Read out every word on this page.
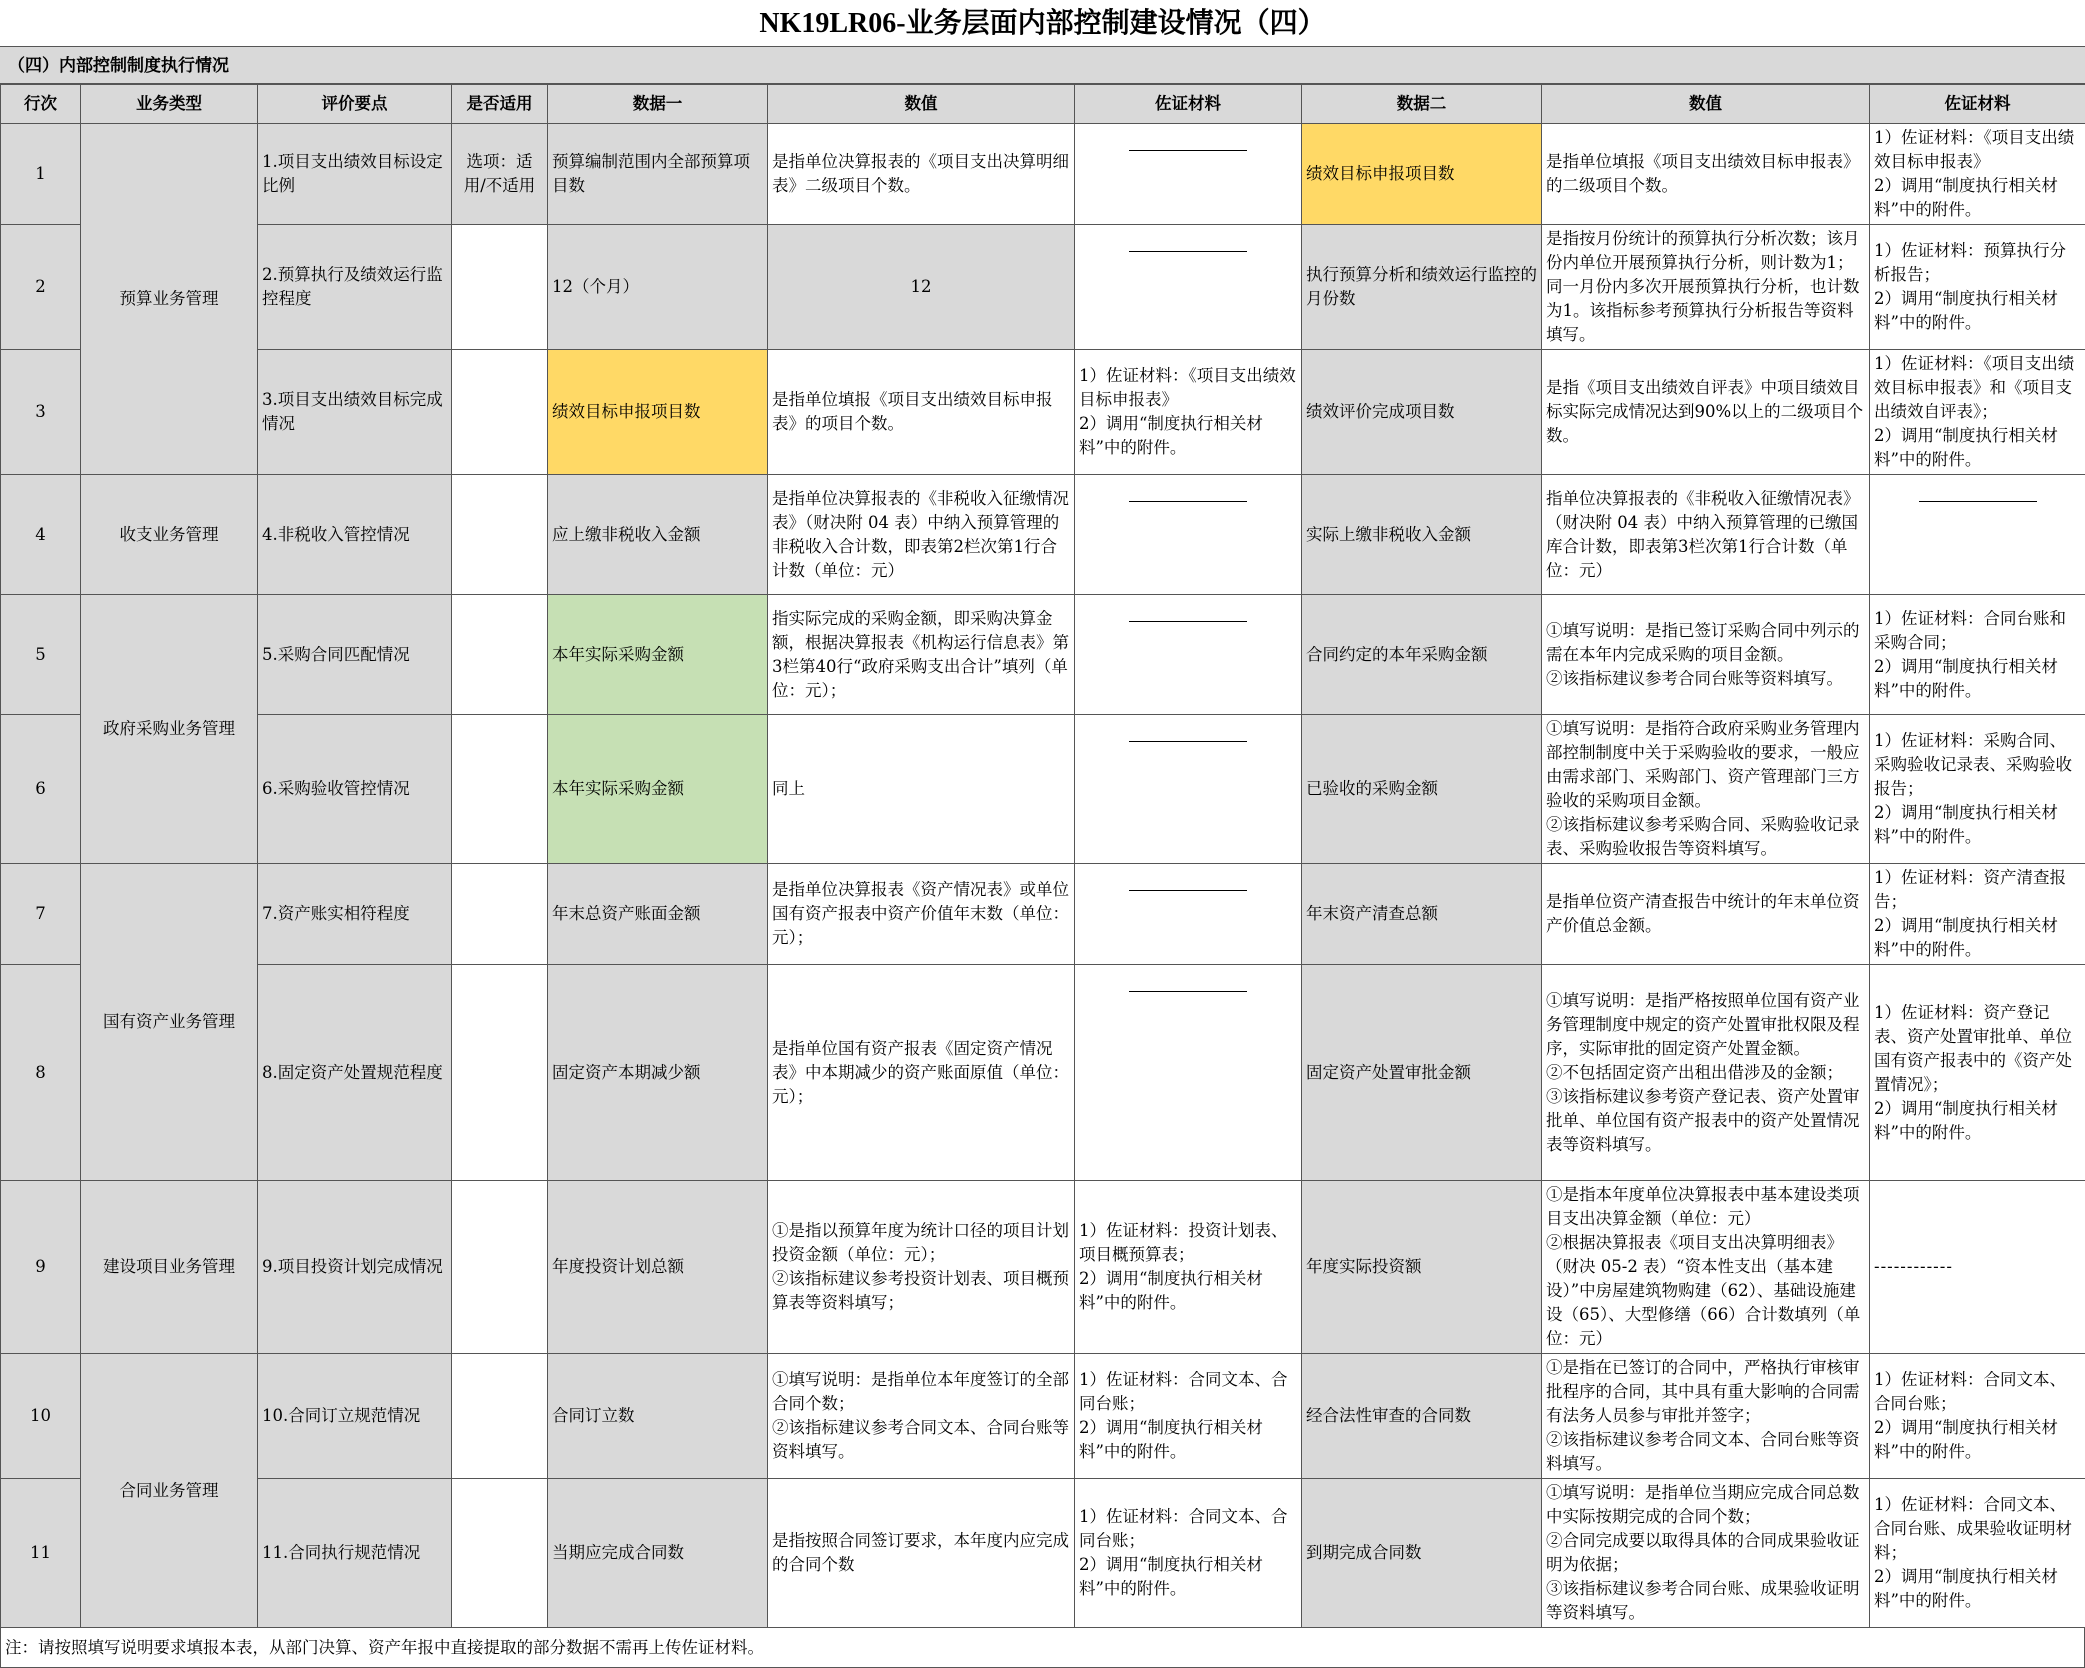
NK19LR06-业务层面内部控制建设情况（四）
（四）内部控制制度执行情况
行次	业务类型	评价要点	是否适用	数据一	数值	佐证材料	数据二	数值	佐证材料
1	预算业务管理	1.项目支出绩效目标设定比例	选项：适用/不适用	预算编制范围内全部预算项目数	是指单位决算报表的《项目支出决算明细表》二级项目个数。		绩效目标申报项目数	是指单位填报《项目支出绩效目标申报表》的二级项目个数。	1）佐证材料：《项目支出绩效目标申报表》
2）调用“制度执行相关材料”中的附件。
2		2.预算执行及绩效运行监控程度		12（个月）	12		执行预算分析和绩效运行监控的月份数	是指按月份统计的预算执行分析次数；该月份内单位开展预算执行分析，则计数为1；同一月份内多次开展预算执行分析，也计数为1。该指标参考预算执行分析报告等资料填写。	1）佐证材料：预算执行分析报告；
2）调用“制度执行相关材料”中的附件。
3		3.项目支出绩效目标完成情况		绩效目标申报项目数	是指单位填报《项目支出绩效目标申报表》的项目个数。	1）佐证材料：《项目支出绩效目标申报表》
2）调用“制度执行相关材料”中的附件。	绩效评价完成项目数	是指《项目支出绩效自评表》中项目绩效目标实际完成情况达到90%以上的二级项目个数。	1）佐证材料：《项目支出绩效目标申报表》和《项目支出绩效自评表》；
2）调用“制度执行相关材料”中的附件。
4	收支业务管理	4.非税收入管控情况		应上缴非税收入金额	是指单位决算报表的《非税收入征缴情况表》（财决附 04 表）中纳入预算管理的非税收入合计数，即表第2栏次第1行合计数（单位：元）		实际上缴非税收入金额	指单位决算报表的《非税收入征缴情况表》（财决附 04 表）中纳入预算管理的已缴国库合计数，即表第3栏次第1行合计数（单位：元）	
5	政府采购业务管理	5.采购合同匹配情况		本年实际采购金额	指实际完成的采购金额，即采购决算金额，根据决算报表《机构运行信息表》第3栏第40行“政府采购支出合计”填列（单位：元）；		合同约定的本年采购金额	①填写说明：是指已签订采购合同中列示的需在本年内完成采购的项目金额。
②该指标建议参考合同台账等资料填写。	1）佐证材料：合同台账和采购合同；
2）调用“制度执行相关材料”中的附件。
6		6.采购验收管控情况		本年实际采购金额	同上		已验收的采购金额	①填写说明：是指符合政府采购业务管理内部控制制度中关于采购验收的要求，一般应由需求部门、采购部门、资产管理部门三方验收的采购项目金额。
②该指标建议参考采购合同、采购验收记录表、采购验收报告等资料填写。	1）佐证材料：采购合同、采购验收记录表、采购验收报告；
2）调用“制度执行相关材料”中的附件。
7	国有资产业务管理	7.资产账实相符程度		年末总资产账面金额	是指单位决算报表《资产情况表》或单位国有资产报表中资产价值年末数（单位：元）；		年末资产清查总额	是指单位资产清查报告中统计的年末单位资产价值总金额。	1）佐证材料：资产清查报告；
2）调用“制度执行相关材料”中的附件。
8		8.固定资产处置规范程度		固定资产本期减少额	是指单位国有资产报表《固定资产情况表》中本期减少的资产账面原值（单位：元）；		固定资产处置审批金额	①填写说明：是指严格按照单位国有资产业务管理制度中规定的资产处置审批权限及程序，实际审批的固定资产处置金额。
②不包括固定资产出租出借涉及的金额；
③该指标建议参考资产登记表、资产处置审批单、单位国有资产报表中的资产处置情况表等资料填写。	1）佐证材料：资产登记表、资产处置审批单、单位国有资产报表中的《资产处置情况》；
2）调用“制度执行相关材料”中的附件。
9	建设项目业务管理	9.项目投资计划完成情况		年度投资计划总额	①是指以预算年度为统计口径的项目计划投资金额（单位：元）；
②该指标建议参考投资计划表、项目概预算表等资料填写；	1）佐证材料：投资计划表、项目概预算表；
2）调用“制度执行相关材料”中的附件。	年度实际投资额	①是指本年度单位决算报表中基本建设类项目支出决算金额（单位：元）
②根据决算报表《项目支出决算明细表》（财决 05-2 表）“资本性支出（基本建设）”中房屋建筑物购建（62）、基础设施建设（65）、大型修缮（66）合计数填列（单位：元）	------------
10	合同业务管理	10.合同订立规范情况		合同订立数	①填写说明：是指单位本年度签订的全部合同个数；
②该指标建议参考合同文本、合同台账等资料填写。	1）佐证材料：合同文本、合同台账；
2）调用“制度执行相关材料”中的附件。	经合法性审查的合同数	①是指在已签订的合同中，严格执行审核审批程序的合同，其中具有重大影响的合同需有法务人员参与审批并签字；
②该指标建议参考合同文本、合同台账等资料填写。	1）佐证材料：合同文本、合同台账；
2）调用“制度执行相关材料”中的附件。
11		11.合同执行规范情况		当期应完成合同数	是指按照合同签订要求，本年度内应完成的合同个数	1）佐证材料：合同文本、合同台账；
2）调用“制度执行相关材料”中的附件。	到期完成合同数	①填写说明：是指单位当期应完成合同总数中实际按期完成的合同个数；
②合同完成要以取得具体的合同成果验收证明为依据；
③该指标建议参考合同台账、成果验收证明等资料填写。	1）佐证材料：合同文本、合同台账、成果验收证明材料；
2）调用“制度执行相关材料”中的附件。
注：请按照填写说明要求填报本表，从部门决算、资产年报中直接提取的部分数据不需再上传佐证材料。
